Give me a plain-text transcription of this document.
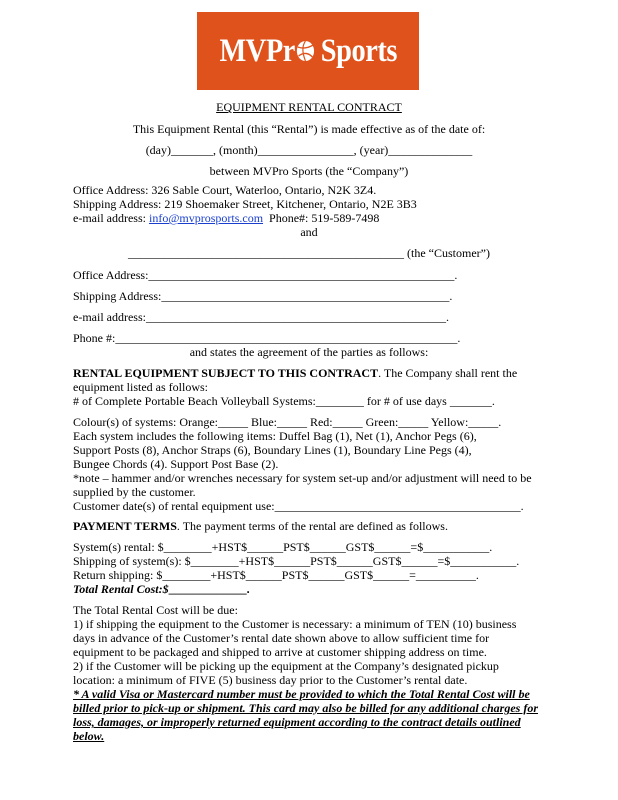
MVPr Sports
EQUIPMENT RENTAL CONTRACT
This Equipment Rental (this “Rental”) is made effective as of the date of:
(day)_______, (month)________________, (year)______________
between MVPro Sports (the “Company”)
Office Address: 326 Sable Court, Waterloo, Ontario, N2K 3Z4.
Shipping Address: 219 Shoemaker Street, Kitchener, Ontario, N2E 3B3
e-mail address: info@mvprosports.com  Phone#: 519-589-7498
and
______________________________________________ (the “Customer”)
Office Address:___________________________________________________.
Shipping Address:________________________________________________.
e-mail address:__________________________________________________.
Phone #:_________________________________________________________.
and states the agreement of the parties as follows:
RENTAL EQUIPMENT SUBJECT TO THIS CONTRACT. The Company shall rent the
equipment listed as follows:
# of Complete Portable Beach Volleyball Systems:________ for # of use days _______.
Colour(s) of systems: Orange:_____ Blue:_____ Red:_____ Green:_____ Yellow:_____.
Each system includes the following items: Duffel Bag (1), Net (1), Anchor Pegs (6),
Support Posts (8), Anchor Straps (6), Boundary Lines (1), Boundary Line Pegs (4),
Bungee Chords (4). Support Post Base (2).
*note – hammer and/or wrenches necessary for system set-up and/or adjustment will need to be
supplied by the customer.
Customer date(s) of rental equipment use:_________________________________________.
PAYMENT TERMS. The payment terms of the rental are defined as follows.
System(s) rental: $________+HST$______PST$______GST$______=$___________.
Shipping of system(s): $________+HST$______PST$______GST$______=$___________.
Return shipping: $________+HST$______PST$______GST$______=__________.
Total Rental Cost:$_____________.
The Total Rental Cost will be due:
1) if shipping the equipment to the Customer is necessary: a minimum of TEN (10) business
days in advance of the Customer’s rental date shown above to allow sufficient time for
equipment to be packaged and shipped to arrive at customer shipping address on time.
2) if the Customer will be picking up the equipment at the Company’s designated pickup
location: a minimum of FIVE (5) business day prior to the Customer’s rental date.
* A valid Visa or Mastercard number must be provided to which the Total Rental Cost will be
billed prior to pick-up or shipment. This card may also be billed for any additional charges for
loss, damages, or improperly returned equipment according to the contract details outlined
below.
